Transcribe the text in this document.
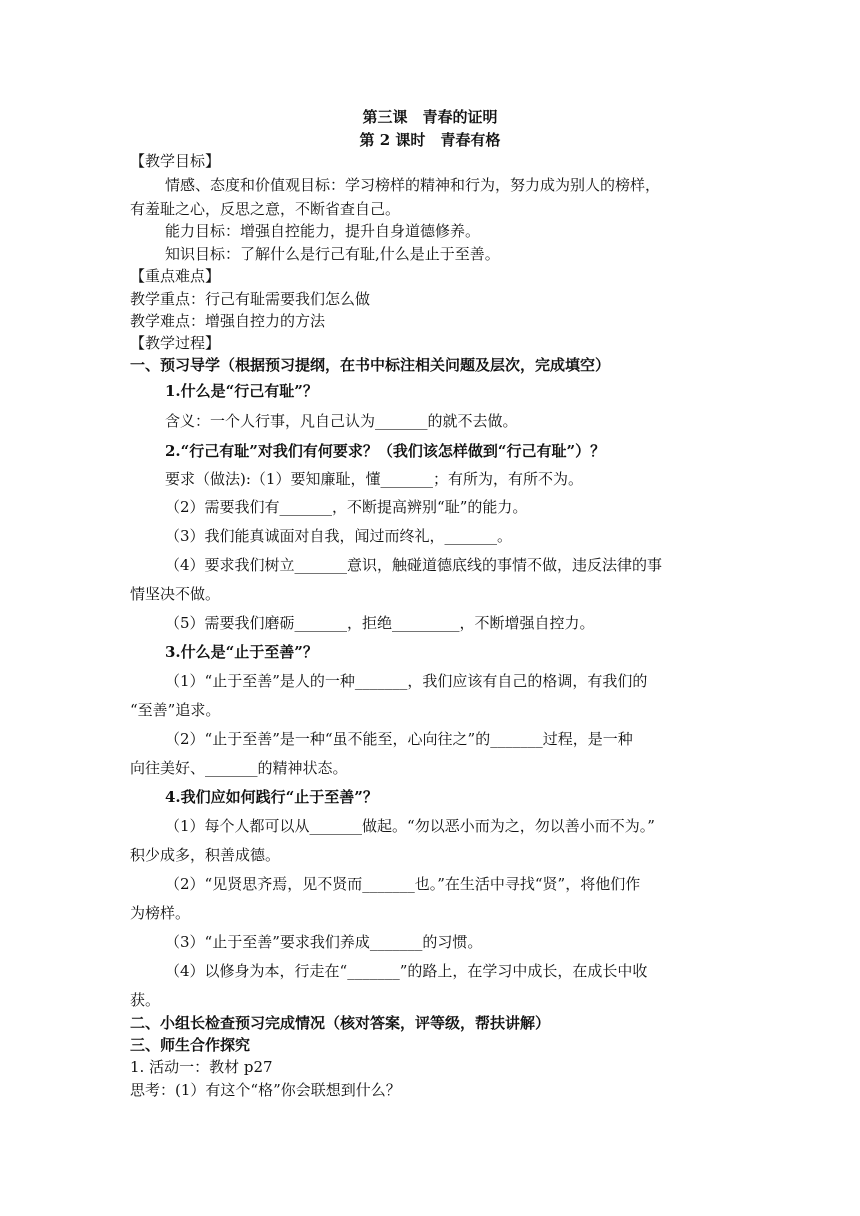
第三课　青春的证明
第 2 课时　青春有格
【教学目标】
情感、态度和价值观目标：学习榜样的精神和行为，努力成为别人的榜样，
有羞耻之心，反思之意，不断省查自己。
能力目标：增强自控能力，提升自身道德修养。
知识目标：了解什么是行己有耻,什么是止于至善。
【重点难点】
教学重点：行己有耻需要我们怎么做
教学难点：增强自控力的方法
【教学过程】
一、预习导学（根据预习提纲，在书中标注相关问题及层次，完成填空）
1.什么是“行己有耻”？
含义：一个人行事，凡自己认为_______的就不去做。
2.“行己有耻”对我们有何要求？（我们该怎样做到“行己有耻”）？
要求（做法):（1）要知廉耻，懂_______；有所为，有所不为。
（2）需要我们有_______，不断提高辨别“耻”的能力。
（3）我们能真诚面对自我，闻过而终礼，_______。
（4）要求我们树立_______意识，触碰道德底线的事情不做，违反法律的事
情坚决不做。
（5）需要我们磨砺_______，拒绝_________，不断增强自控力。
3.什么是“止于至善”？
（1）“止于至善”是人的一种_______，我们应该有自己的格调，有我们的
“至善”追求。
（2）“止于至善”是一种“虽不能至，心向往之”的_______过程，是一种
向往美好、_______的精神状态。
4.我们应如何践行“止于至善”？
（1）每个人都可以从_______做起。“勿以恶小而为之，勿以善小而不为。”
积少成多，积善成德。
（2）“见贤思齐焉，见不贤而_______也。”在生活中寻找“贤”，将他们作
为榜样。
（3）“止于至善”要求我们养成_______的习惯。
（4）以修身为本，行走在“_______”的路上，在学习中成长，在成长中收
获。
二、小组长检查预习完成情况（核对答案，评等级，帮扶讲解）
三、师生合作探究
1. 活动一：教材 p27
思考：(1）有这个“格”你会联想到什么？
